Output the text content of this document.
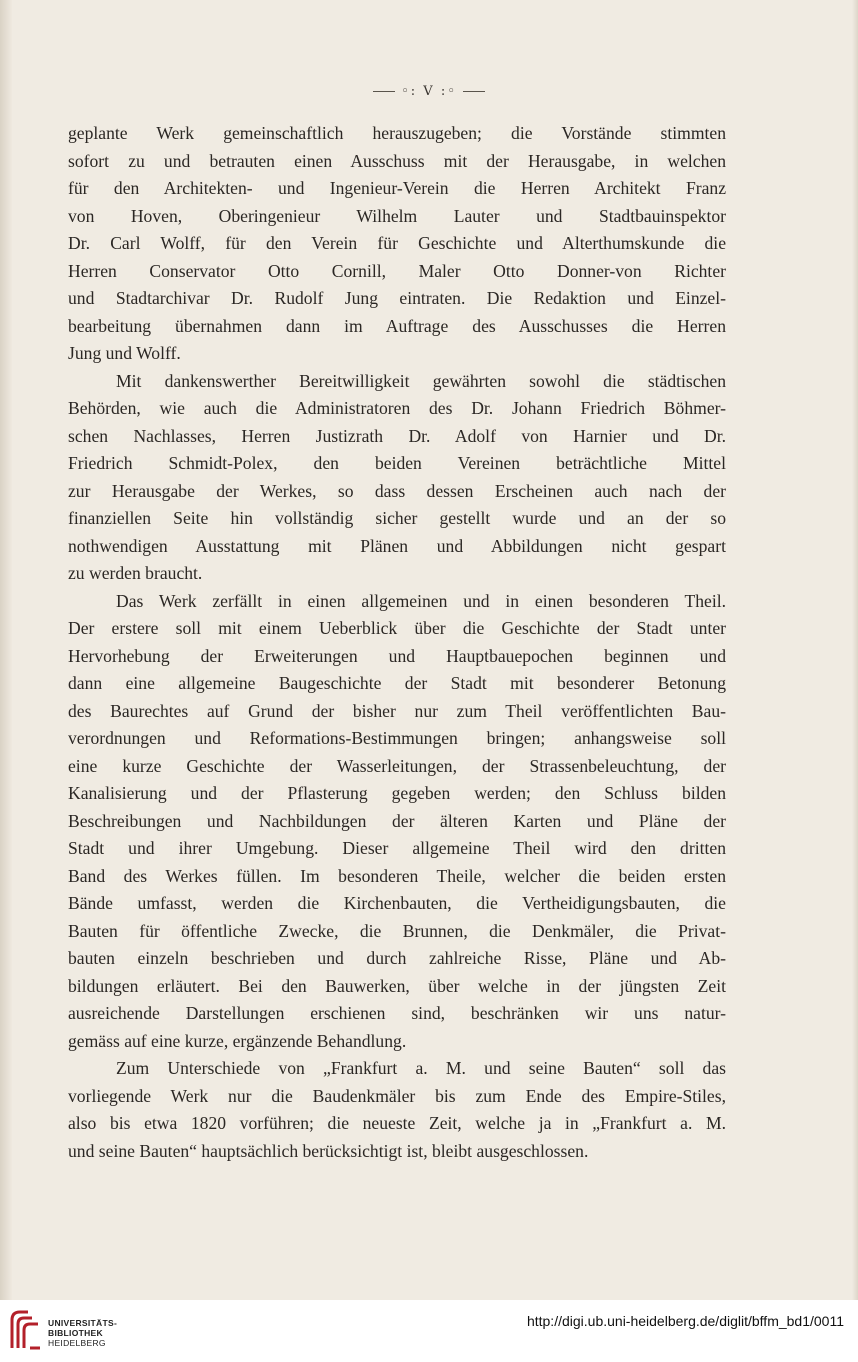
◦: V :◦
geplante Werk gemeinschaftlich herauszugeben; die Vorstände stimmten
sofort zu und betrauten einen Ausschuss mit der Herausgabe, in welchen
für den Architekten- und Ingenieur-Verein die Herren Architekt Franz
von Hoven, Oberingenieur Wilhelm Lauter und Stadtbauinspektor
Dr. Carl Wolff, für den Verein für Geschichte und Alterthumskunde die
Herren Conservator Otto Cornill, Maler Otto Donner-von Richter
und Stadtarchivar Dr. Rudolf Jung eintraten. Die Redaktion und Einzel-
bearbeitung übernahmen dann im Auftrage des Ausschusses die Herren
Jung und Wolff.
Mit dankenswerther Bereitwilligkeit gewährten sowohl die städtischen
Behörden, wie auch die Administratoren des Dr. Johann Friedrich Böhmer-
schen Nachlasses, Herren Justizrath Dr. Adolf von Harnier und Dr.
Friedrich Schmidt-Polex, den beiden Vereinen beträchtliche Mittel
zur Herausgabe der Werkes, so dass dessen Erscheinen auch nach der
finanziellen Seite hin vollständig sicher gestellt wurde und an der so
nothwendigen Ausstattung mit Plänen und Abbildungen nicht gespart
zu werden braucht.
Das Werk zerfällt in einen allgemeinen und in einen besonderen Theil.
Der erstere soll mit einem Ueberblick über die Geschichte der Stadt unter
Hervorhebung der Erweiterungen und Hauptbauepochen beginnen und
dann eine allgemeine Baugeschichte der Stadt mit besonderer Betonung
des Baurechtes auf Grund der bisher nur zum Theil veröffentlichten Bau-
verordnungen und Reformations-Bestimmungen bringen; anhangsweise soll
eine kurze Geschichte der Wasserleitungen, der Strassenbeleuchtung, der
Kanalisierung und der Pflasterung gegeben werden; den Schluss bilden
Beschreibungen und Nachbildungen der älteren Karten und Pläne der
Stadt und ihrer Umgebung. Dieser allgemeine Theil wird den dritten
Band des Werkes füllen. Im besonderen Theile, welcher die beiden ersten
Bände umfasst, werden die Kirchenbauten, die Vertheidigungsbauten, die
Bauten für öffentliche Zwecke, die Brunnen, die Denkmäler, die Privat-
bauten einzeln beschrieben und durch zahlreiche Risse, Pläne und Ab-
bildungen erläutert. Bei den Bauwerken, über welche in der jüngsten Zeit
ausreichende Darstellungen erschienen sind, beschränken wir uns natur-
gemäss auf eine kurze, ergänzende Behandlung.
Zum Unterschiede von „Frankfurt a. M. und seine Bauten“ soll das
vorliegende Werk nur die Baudenkmäler bis zum Ende des Empire-Stiles,
also bis etwa 1820 vorführen; die neueste Zeit, welche ja in „Frankfurt a. M.
und seine Bauten“ hauptsächlich berücksichtigt ist, bleibt ausgeschlossen.
UNIVERSITÄTS-
BIBLIOTHEK
HEIDELBERG
http://digi.ub.uni-heidelberg.de/diglit/bffm_bd1/0011
